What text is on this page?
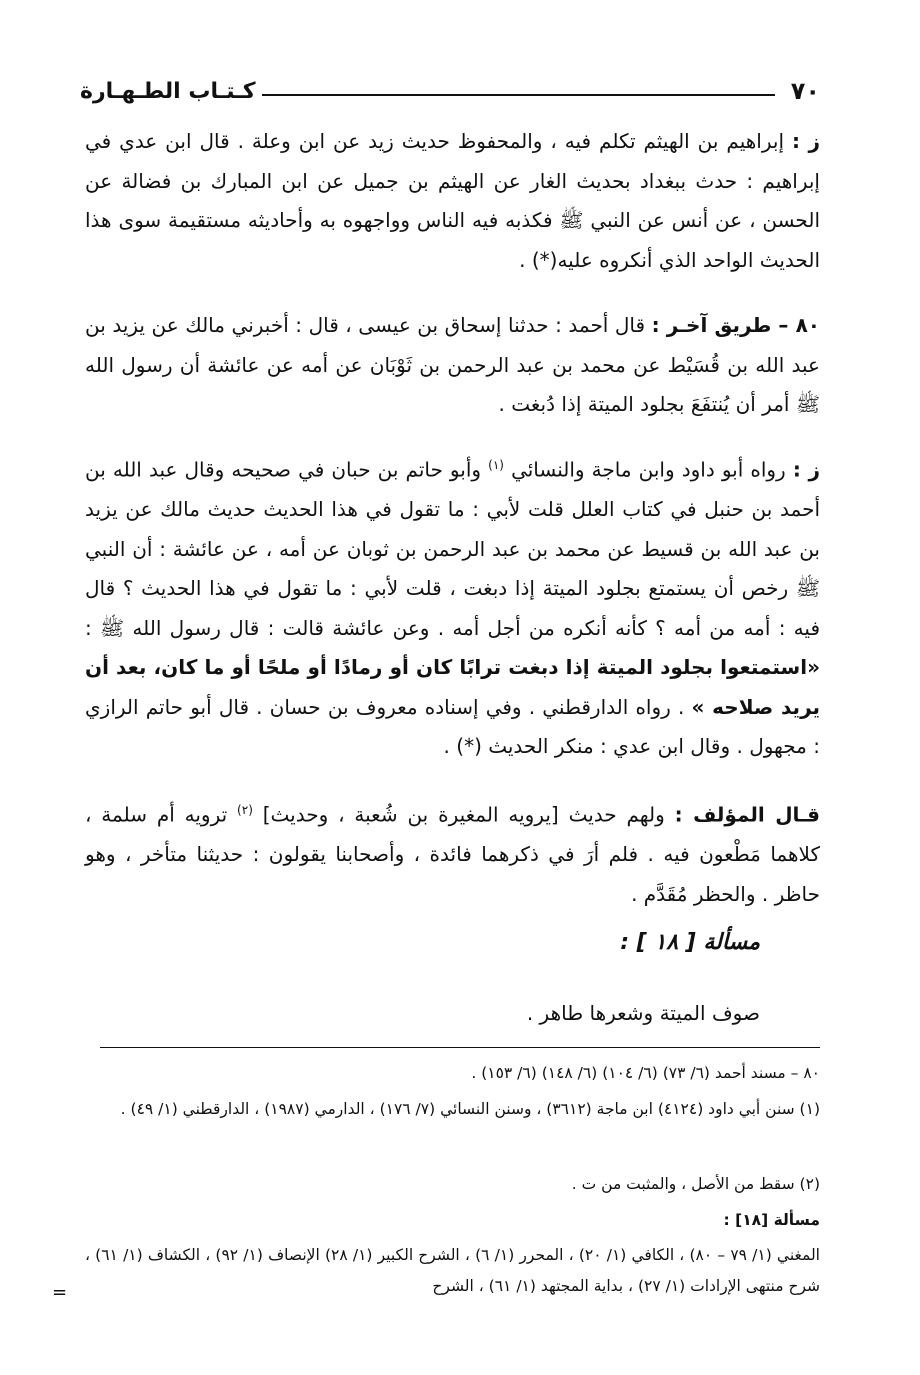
٧٠
كـتـاب الطـهـارة
ز : إبراهيم بن الهيثم تكلم فيه ، والمحفوظ حديث زيد عن ابن وعلة . قال ابن عدي في إبراهيم : حدث ببغداد بحديث الغار عن الهيثم بن جميل عن ابن المبارك بن فضالة عن الحسن ، عن أنس عن النبي ﷺ فكذبه فيه الناس وواجهوه به وأحاديثه مستقيمة سوى هذا الحديث الواحد الذي أنكروه عليه(*) .
٨٠ – طريق آخـر : قال أحمد : حدثنا إسحاق بن عيسى ، قال : أخبرني مالك عن يزيد بن عبد الله بن قُسَيْط عن محمد بن عبد الرحمن بن ثَوْبَان عن أمه عن عائشة أن رسول الله ﷺ أمر أن يُنتفَعَ بجلود الميتة إذا دُبغت .
ز : رواه أبو داود وابن ماجة والنسائي $^{(١)}$ وأبو حاتم بن حبان في صحيحه وقال عبد الله بن أحمد بن حنبل في كتاب العلل قلت لأبي : ما تقول في هذا الحديث حديث مالك عن يزيد بن عبد الله بن قسيط عن محمد بن عبد الرحمن بن ثوبان عن أمه ، عن عائشة : أن النبي ﷺ رخص أن يستمتع بجلود الميتة إذا دبغت ، قلت لأبي : ما تقول في هذا الحديث ؟ قال فيه : أمه من أمه ؟ كأنه أنكره من أجل أمه . وعن عائشة قالت : قال رسول الله ﷺ : «استمتعوا بجلود الميتة إذا دبغت ترابًا كان أو رمادًا أو ملحًا أو ما كان، بعد أن يريد صلاحه » . رواه الدارقطني . وفي إسناده معروف بن حسان . قال أبو حاتم الرازي : مجهول . وقال ابن عدي : منكر الحديث (*) .
قـال المؤلف : ولهم حديث [يرويه المغيرة بن شُعبة ، وحديث] $^{(٢)}$ ترويه أم سلمة ، كلاهما مَطْعون فيه . فلم أرَ في ذكرهما فائدة ، وأصحابنا يقولون : حديثنا متأخر ، وهو حاظر . والحظر مُقَدَّم .
مسألة [ ١٨ ] :
صوف الميتة وشعرها طاهر .
٨٠ – مسند أحمد (٦/ ٧٣) (٦/ ١٠٤) (٦/ ١٤٨) (٦/ ١٥٣) .
(١) سنن أبي داود (٤١٢٤) ابن ماجة (٣٦١٢) ، وسنن النسائي (٧/ ١٧٦) ، الدارمي (١٩٨٧) ، الدارقطني (١/ ٤٩) .
(٢) سقط من الأصل ، والمثبت من ت .
مسألة [١٨] :
المغني (١/ ٧٩ – ٨٠) ، الكافي (١/ ٢٠) ، المحرر (١/ ٦) ، الشرح الكبير (١/ ٢٨) الإنصاف (١/ ٩٢) ، الكشاف (١/ ٦١) ، شرح منتهى الإرادات (١/ ٢٧) ، بداية المجتهد (١/ ٦١) ، الشرح
=
